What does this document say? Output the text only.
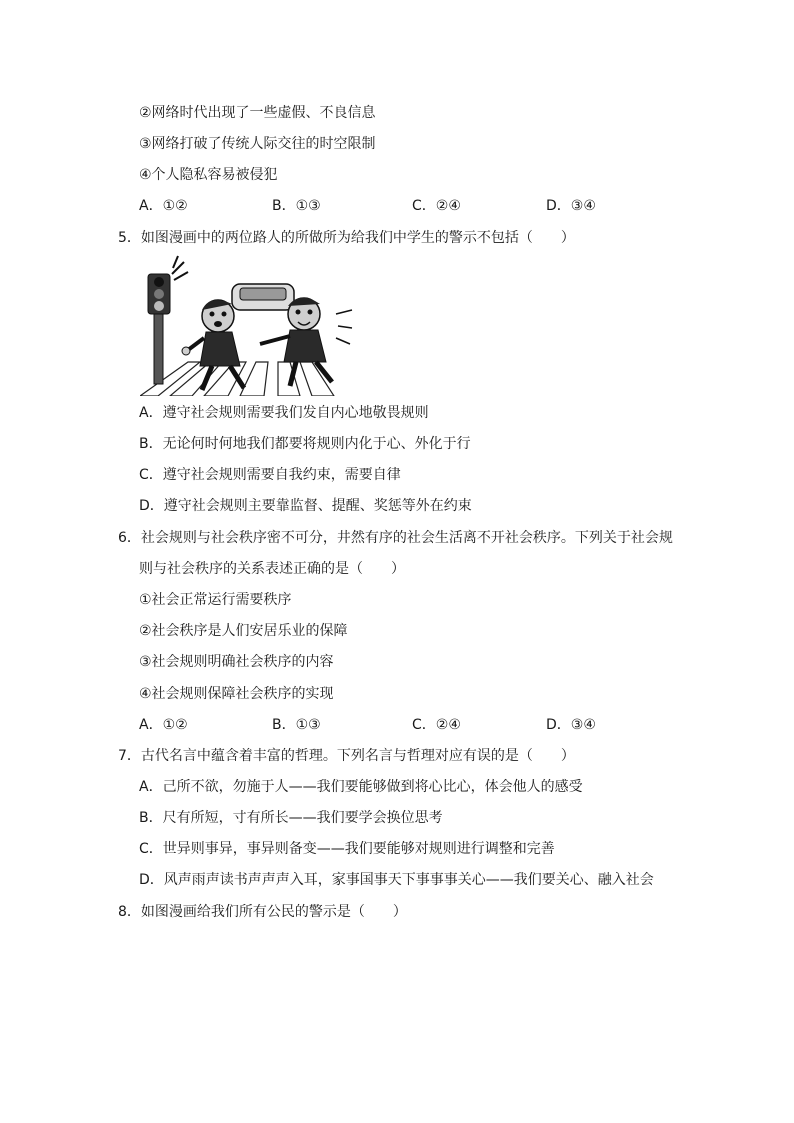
②网络时代出现了一些虚假、不良信息
③网络打破了传统人际交往的时空限制
④个人隐私容易被侵犯
A．①②	B．①③	C．②④	D．③④
5．如图漫画中的两位路人的所做所为给我们中学生的警示不包括（　　）
A．遵守社会规则需要我们发自内心地敬畏规则
B．无论何时何地我们都要将规则内化于心、外化于行
C．遵守社会规则需要自我约束，需要自律
D．遵守社会规则主要靠监督、提醒、奖惩等外在约束
6．社会规则与社会秩序密不可分，井然有序的社会生活离不开社会秩序。下列关于社会规
则与社会秩序的关系表述正确的是（　　）
①社会正常运行需要秩序
②社会秩序是人们安居乐业的保障
③社会规则明确社会秩序的内容
④社会规则保障社会秩序的实现
A．①②	B．①③	C．②④	D．③④
7．古代名言中蕴含着丰富的哲理。下列名言与哲理对应有误的是（　　）
A．己所不欲，勿施于人——我们要能够做到将心比心，体会他人的感受
B．尺有所短，寸有所长——我们要学会换位思考
C．世异则事异，事异则备变——我们要能够对规则进行调整和完善
D．风声雨声读书声声声入耳，家事国事天下事事事关心——我们要关心、融入社会
8．如图漫画给我们所有公民的警示是（　　）
